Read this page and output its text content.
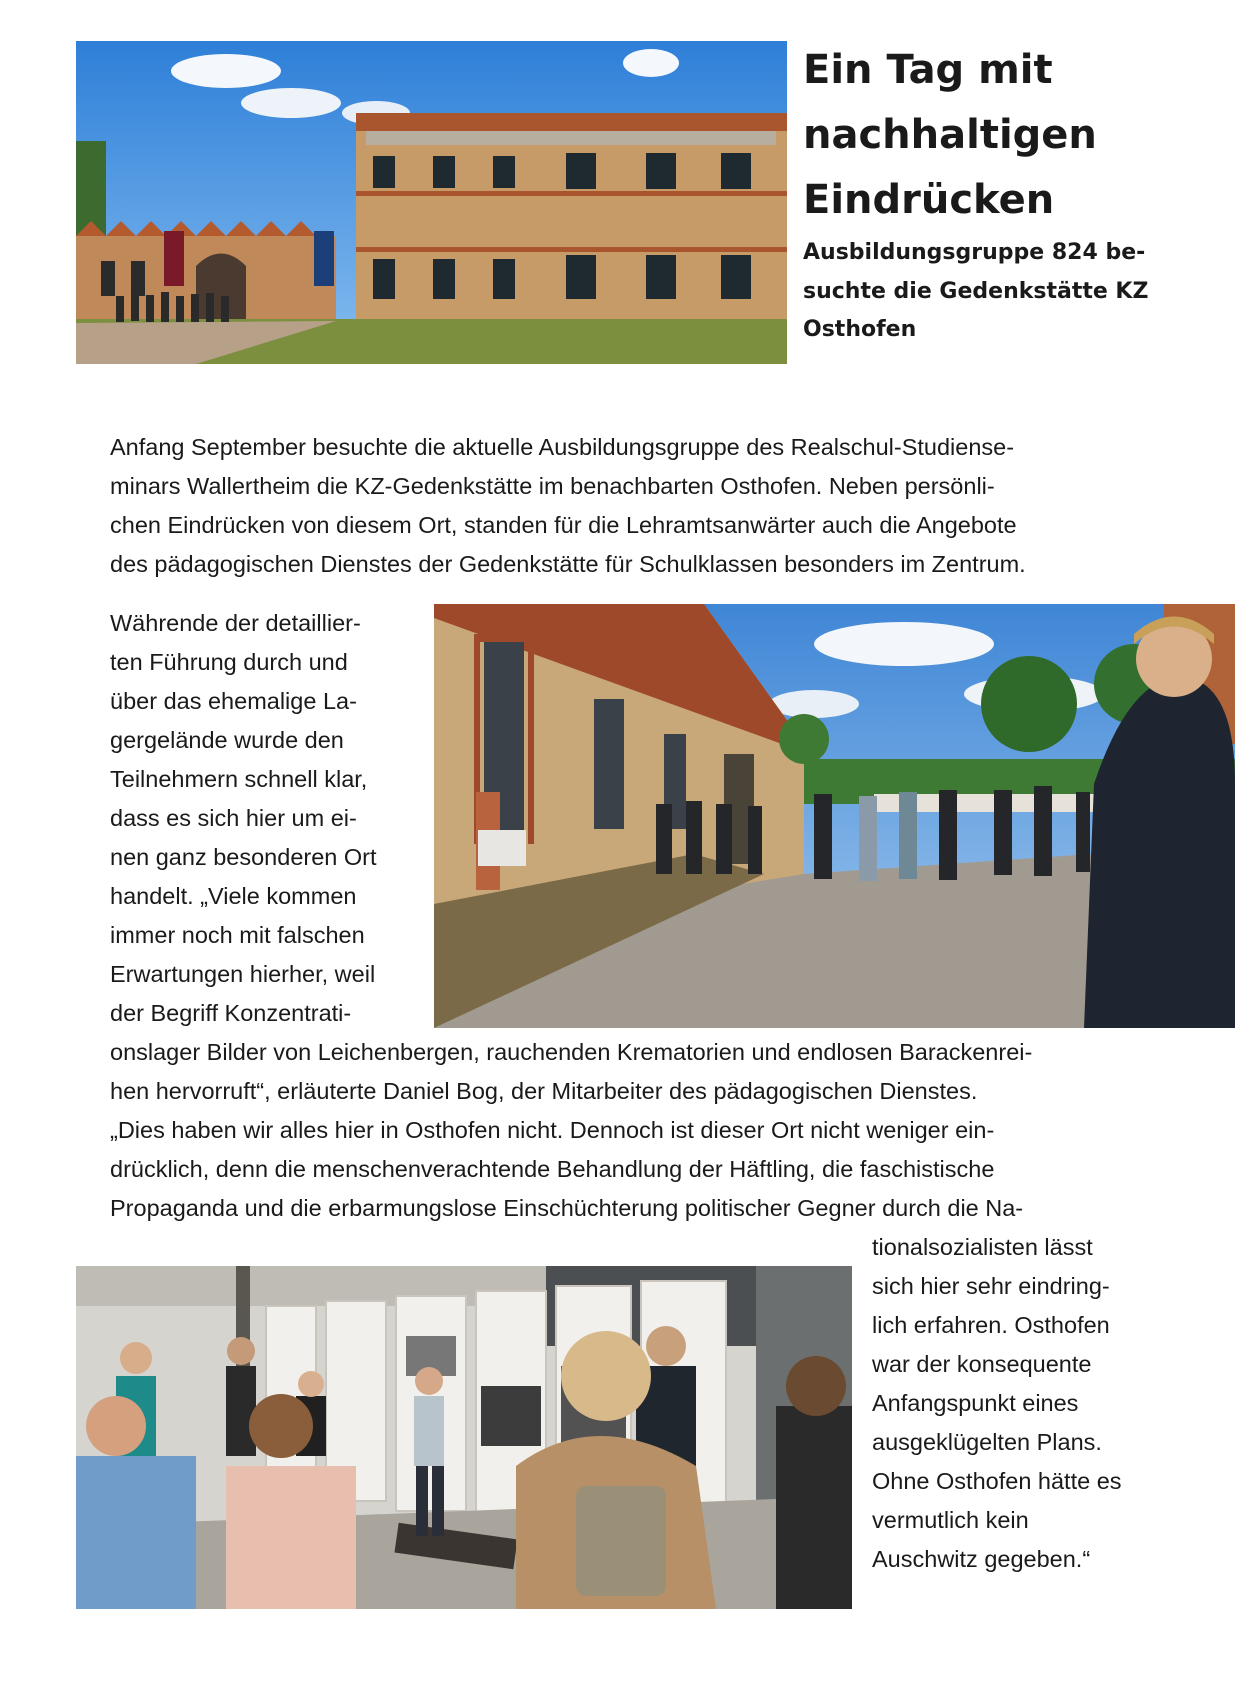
Ein Tag mit
nachhaltigen
Eindrücken
Ausbildungsgruppe 824 be-
suchte die Gedenkstätte KZ
Osthofen
Anfang September besuchte die aktuelle Ausbildungsgruppe des Realschul-Studiense-
minars Wallertheim die KZ-Gedenkstätte im benachbarten Osthofen. Neben persönli-
chen Eindrücken von diesem Ort, standen für die Lehramtsanwärter auch die Angebote
des pädagogischen Dienstes der Gedenkstätte für Schulklassen besonders im Zentrum.
Währende der detaillier-
ten Führung durch und
über das ehemalige La-
gergelände wurde den
Teilnehmern schnell klar,
dass es sich hier um ei-
nen ganz besonderen Ort
handelt. „Viele kommen
immer noch mit falschen
Erwartungen hierher, weil
der Begriff Konzentrati-
onslager Bilder von Leichenbergen, rauchenden Krematorien und endlosen Barackenrei-
hen hervorruft“, erläuterte Daniel Bog, der Mitarbeiter des pädagogischen Dienstes.
„Dies haben wir alles hier in Osthofen nicht. Dennoch ist dieser Ort nicht weniger ein-
drücklich, denn die menschenverachtende Behandlung der Häftling, die faschistische
Propaganda und die erbarmungslose Einschüchterung politischer Gegner durch die Na-
tionalsozialisten lässt
sich hier sehr eindring-
lich erfahren. Osthofen
war der konsequente
Anfangspunkt eines
ausgeklügelten Plans.
Ohne Osthofen hätte es
vermutlich kein
Auschwitz gegeben.“
